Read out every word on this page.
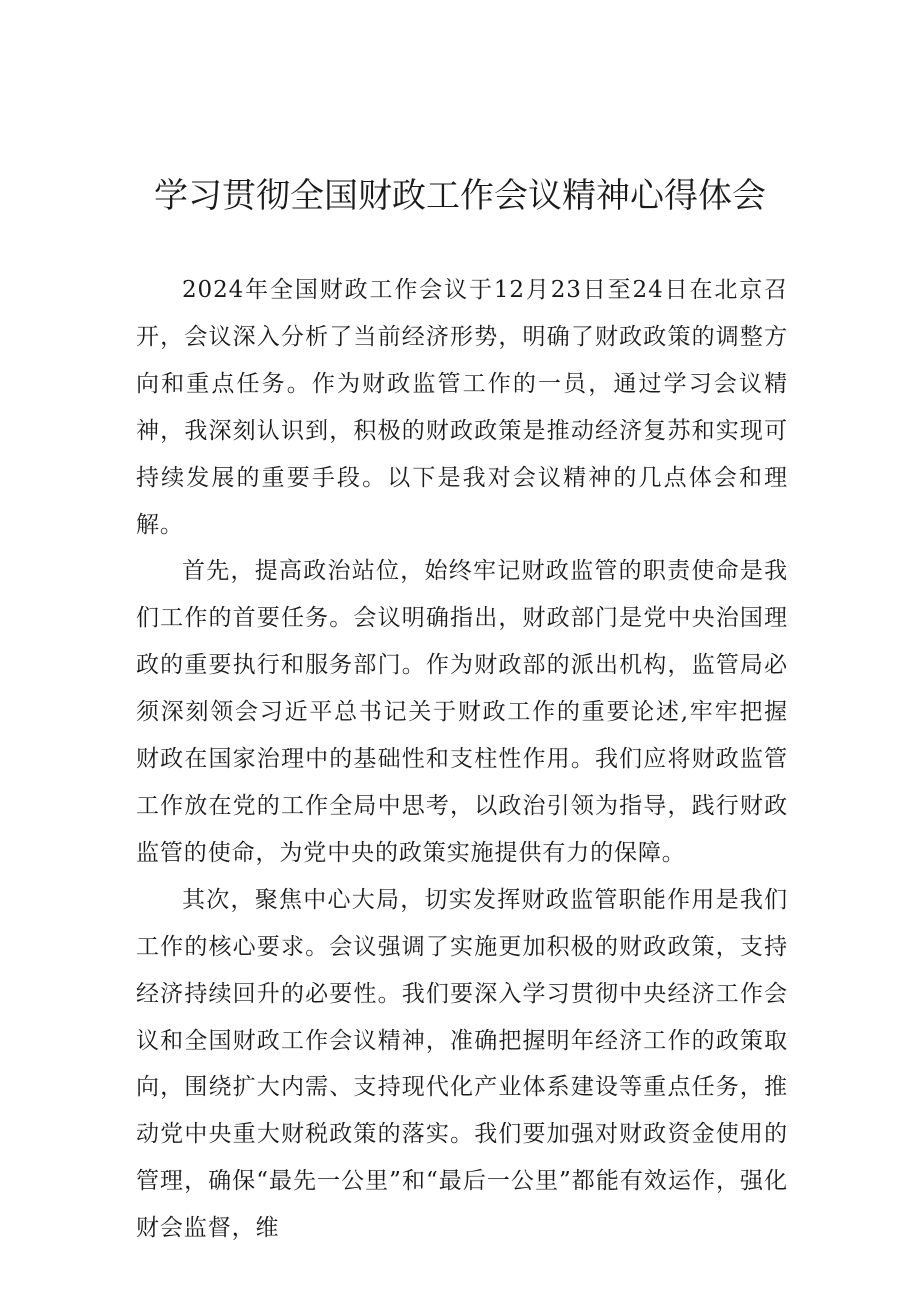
学习贯彻全国财政工作会议精神心得体会

2024年全国财政工作会议于12月23日至24日在北京召开，会议深入分析了当前经济形势，明确了财政政策的调整方向和重点任务。作为财政监管工作的一员，通过学习会议精神，我深刻认识到，积极的财政政策是推动经济复苏和实现可持续发展的重要手段。以下是我对会议精神的几点体会和理解。

首先，提高政治站位，始终牢记财政监管的职责使命是我们工作的首要任务。会议明确指出，财政部门是党中央治国理政的重要执行和服务部门。作为财政部的派出机构，监管局必须深刻领会习近平总书记关于财政工作的重要论述,牢牢把握财政在国家治理中的基础性和支柱性作用。我们应将财政监管工作放在党的工作全局中思考，以政治引领为指导，践行财政监管的使命，为党中央的政策实施提供有力的保障。

其次，聚焦中心大局，切实发挥财政监管职能作用是我们工作的核心要求。会议强调了实施更加积极的财政政策，支持经济持续回升的必要性。我们要深入学习贯彻中央经济工作会议和全国财政工作会议精神，准确把握明年经济工作的政策取向，围绕扩大内需、支持现代化产业体系建设等重点任务，推动党中央重大财税政策的落实。我们要加强对财政资金使用的管理，确保“最先一公里”和“最后一公里”都能有效运作，强化财会监督，维
